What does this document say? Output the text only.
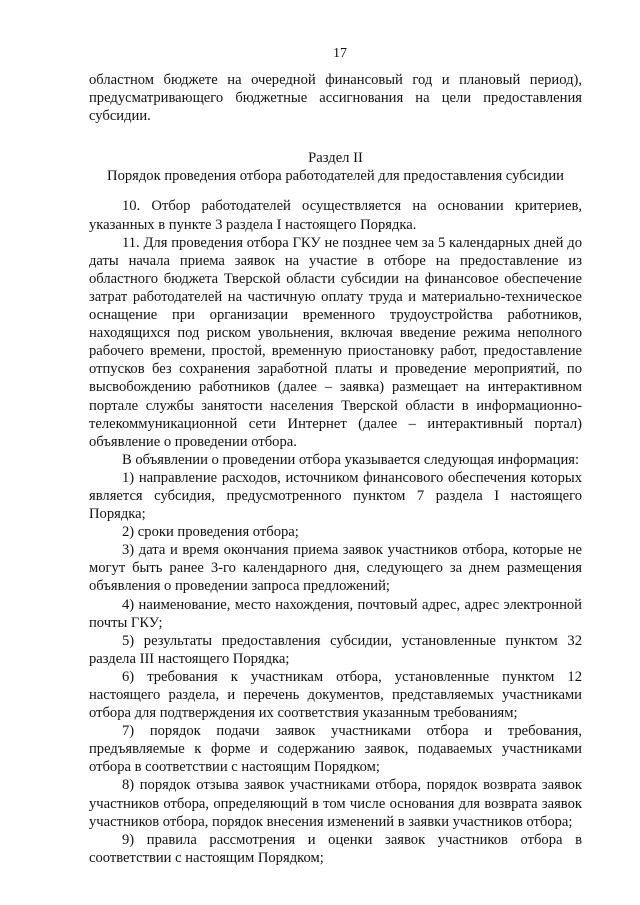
17

областном бюджете на очередной финансовый год и плановый период), предусматривающего бюджетные ассигнования на цели предоставления субсидии.

Раздел II

Порядок проведения отбора работодателей для предоставления субсидии

10. Отбор работодателей осуществляется на основании критериев, указанных в пункте 3 раздела I настоящего Порядка.

11. Для проведения отбора ГКУ не позднее чем за 5 календарных дней до даты начала приема заявок на участие в отборе на предоставление из областного бюджета Тверской области субсидии на финансовое обеспечение затрат работодателей на частичную оплату труда и материально-техническое оснащение при организации временного трудоустройства работников, находящихся под риском увольнения, включая введение режима неполного рабочего времени, простой, временную приостановку работ, предоставление отпусков без сохранения заработной платы и проведение мероприятий, по высвобождению работников (далее – заявка) размещает на интерактивном портале службы занятости населения Тверской области в информационно-телекоммуникационной сети Интернет (далее – интерактивный портал) объявление о проведении отбора.

В объявлении о проведении отбора указывается следующая информация:

1) направление расходов, источником финансового обеспечения которых является субсидия, предусмотренного пунктом 7 раздела I настоящего Порядка;

2) сроки проведения отбора;

3) дата и время окончания приема заявок участников отбора, которые не могут быть ранее 3-го календарного дня, следующего за днем размещения объявления о проведении запроса предложений;

4) наименование, место нахождения, почтовый адрес, адрес электронной почты ГКУ;

5) результаты предоставления субсидии, установленные пунктом 32 раздела III настоящего Порядка;

6) требования к участникам отбора, установленные пунктом 12 настоящего раздела, и перечень документов, представляемых участниками отбора для подтверждения их соответствия указанным требованиям;

7) порядок подачи заявок участниками отбора и требования, предъявляемые к форме и содержанию заявок, подаваемых участниками отбора в соответствии с настоящим Порядком;

8) порядок отзыва заявок участниками отбора, порядок возврата заявок участников отбора, определяющий в том числе основания для возврата заявок участников отбора, порядок внесения изменений в заявки участников отбора;

9) правила рассмотрения и оценки заявок участников отбора в соответствии с настоящим Порядком;
